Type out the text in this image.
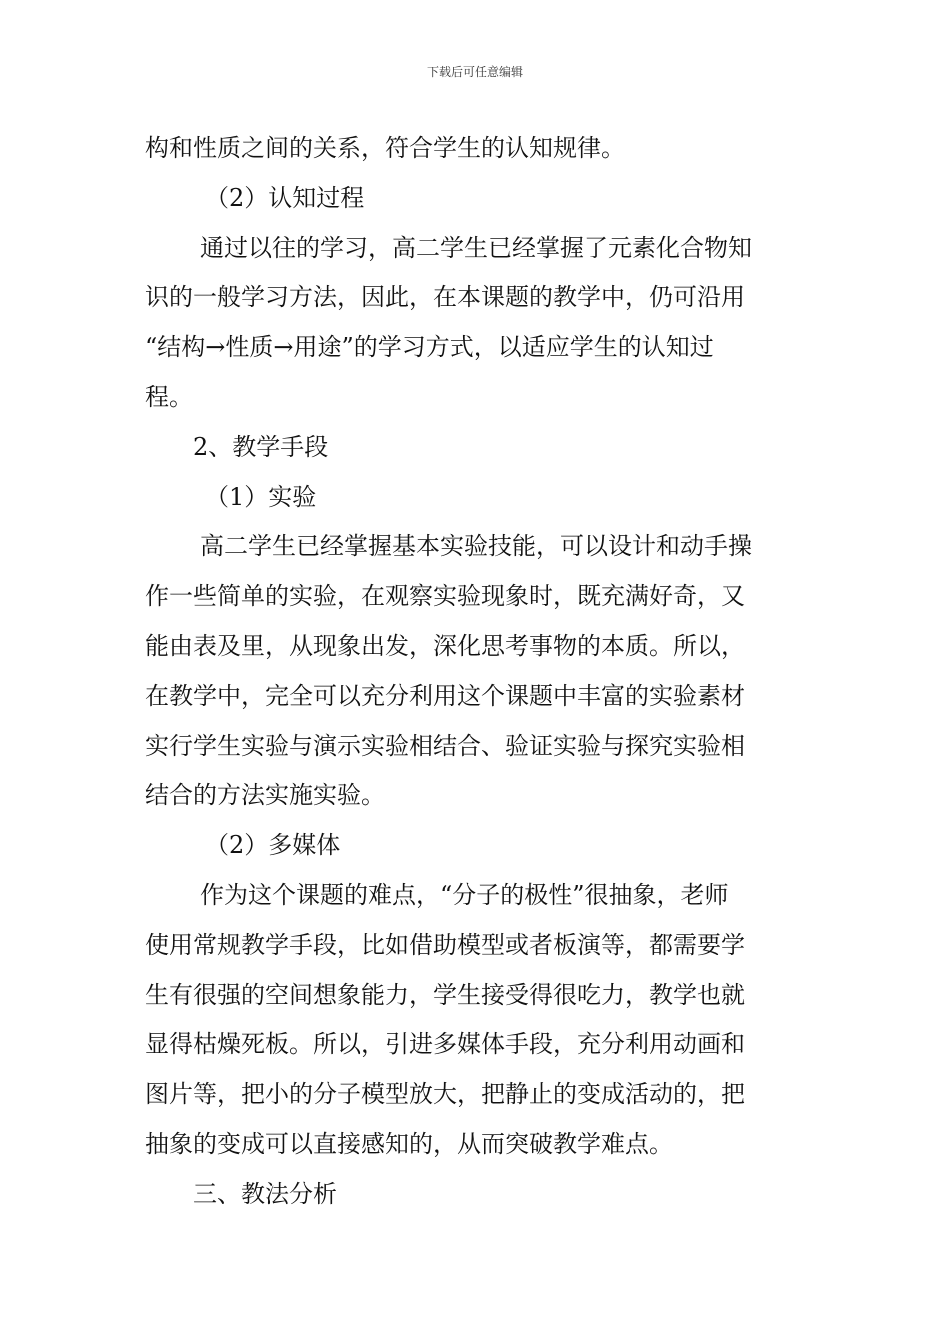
下载后可任意编辑
构和性质之间的关系，符合学生的认知规律。
（2）认知过程
通过以往的学习，高二学生已经掌握了元素化合物知
识的一般学习方法，因此，在本课题的教学中，仍可沿用
“结构→性质→用途”的学习方式，以适应学生的认知过
程。
2、教学手段
（1）实验
高二学生已经掌握基本实验技能，可以设计和动手操
作一些简单的实验，在观察实验现象时，既充满好奇，又
能由表及里，从现象出发，深化思考事物的本质。所以，
在教学中，完全可以充分利用这个课题中丰富的实验素材
实行学生实验与演示实验相结合、验证实验与探究实验相
结合的方法实施实验。
（2）多媒体
作为这个课题的难点，“分子的极性”很抽象，老师
使用常规教学手段，比如借助模型或者板演等，都需要学
生有很强的空间想象能力，学生接受得很吃力，教学也就
显得枯燥死板。所以，引进多媒体手段，充分利用动画和
图片等，把小的分子模型放大，把静止的变成活动的，把
抽象的变成可以直接感知的，从而突破教学难点。
三、教法分析
